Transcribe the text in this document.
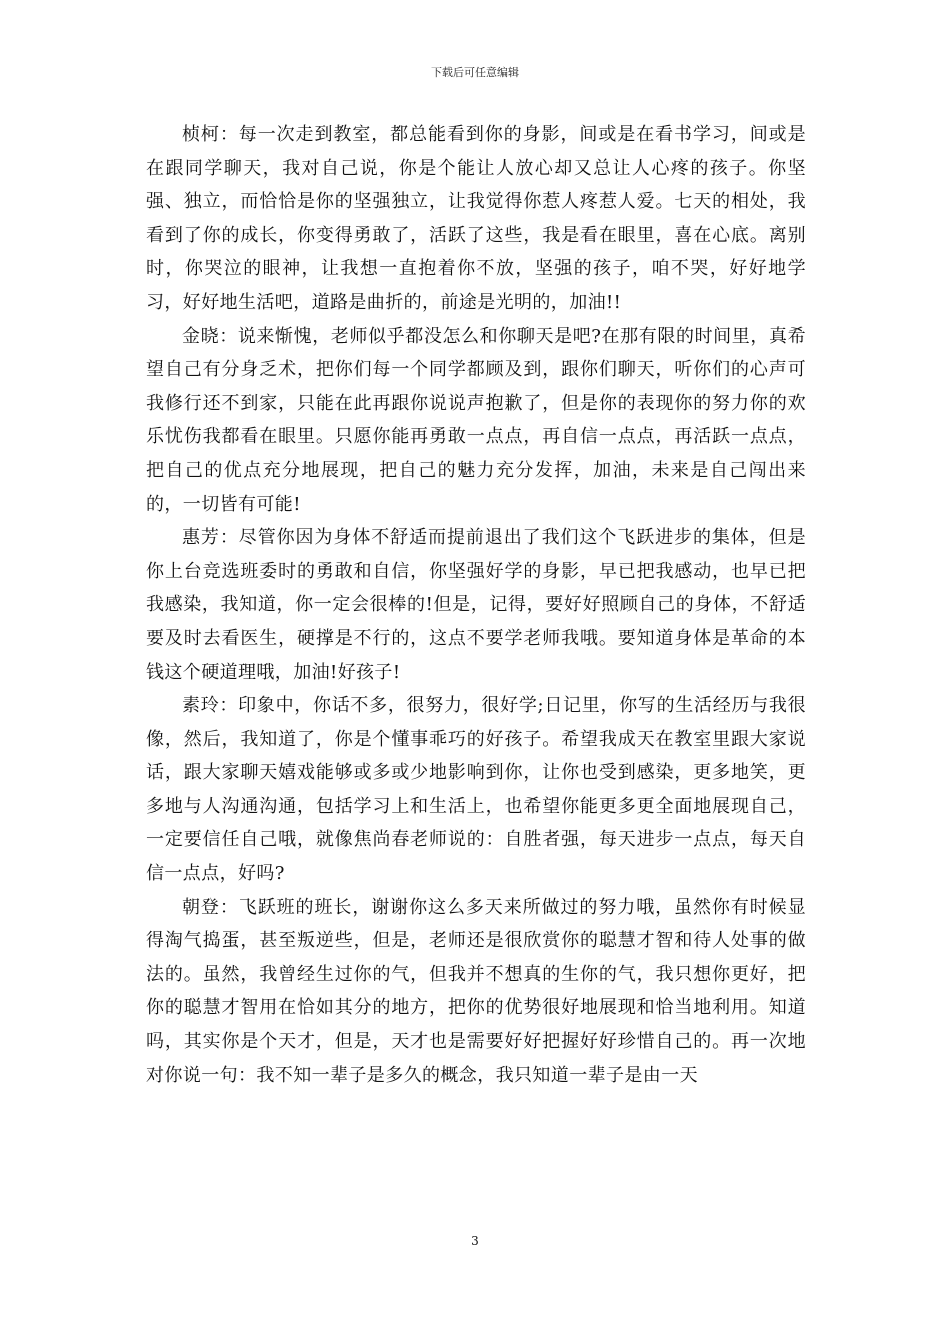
下载后可任意编辑

桢柯：每一次走到教室，都总能看到你的身影，间或是在看书学习，间或是在跟同学聊天，我对自己说，你是个能让人放心却又总让人心疼的孩子。你坚强、独立，而恰恰是你的坚强独立，让我觉得你惹人疼惹人爱。七天的相处，我看到了你的成长，你变得勇敢了，活跃了这些，我是看在眼里，喜在心底。离别时，你哭泣的眼神，让我想一直抱着你不放，坚强的孩子，咱不哭，好好地学习，好好地生活吧，道路是曲折的，前途是光明的，加油!!

金晓：说来惭愧，老师似乎都没怎么和你聊天是吧?在那有限的时间里，真希望自己有分身乏术，把你们每一个同学都顾及到，跟你们聊天，听你们的心声可我修行还不到家，只能在此再跟你说说声抱歉了，但是你的表现你的努力你的欢乐忧伤我都看在眼里。只愿你能再勇敢一点点，再自信一点点，再活跃一点点，把自己的优点充分地展现，把自己的魅力充分发挥，加油，未来是自己闯出来的，一切皆有可能!

惠芳：尽管你因为身体不舒适而提前退出了我们这个飞跃进步的集体，但是你上台竞选班委时的勇敢和自信，你坚强好学的身影，早已把我感动，也早已把我感染，我知道，你一定会很棒的!但是，记得，要好好照顾自己的身体，不舒适要及时去看医生，硬撑是不行的，这点不要学老师我哦。要知道身体是革命的本钱这个硬道理哦，加油!好孩子!

素玲：印象中，你话不多，很努力，很好学;日记里，你写的生活经历与我很像，然后，我知道了，你是个懂事乖巧的好孩子。希望我成天在教室里跟大家说话，跟大家聊天嬉戏能够或多或少地影响到你，让你也受到感染，更多地笑，更多地与人沟通沟通，包括学习上和生活上，也希望你能更多更全面地展现自己，一定要信任自己哦，就像焦尚春老师说的：自胜者强，每天进步一点点，每天自信一点点，好吗?

朝登：飞跃班的班长，谢谢你这么多天来所做过的努力哦，虽然你有时候显得淘气捣蛋，甚至叛逆些，但是，老师还是很欣赏你的聪慧才智和待人处事的做法的。虽然，我曾经生过你的气，但我并不想真的生你的气，我只想你更好，把你的聪慧才智用在恰如其分的地方，把你的优势很好地展现和恰当地利用。知道吗，其实你是个天才，但是，天才也是需要好好把握好好珍惜自己的。再一次地对你说一句：我不知一辈子是多久的概念，我只知道一辈子是由一天

3
